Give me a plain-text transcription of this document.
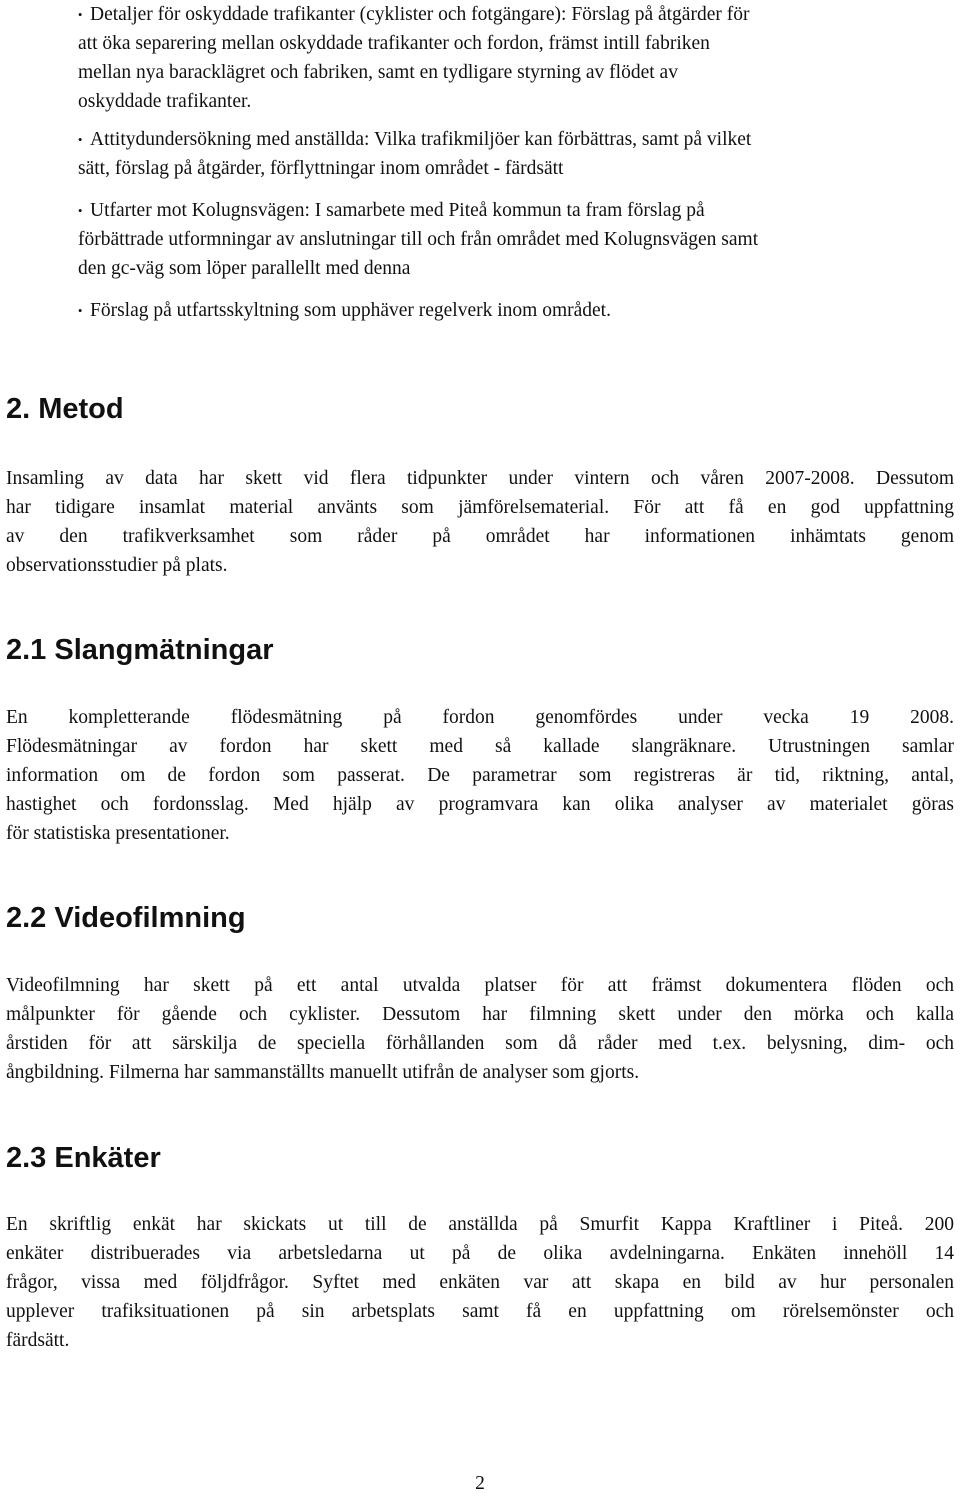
• Detaljer för oskyddade trafikanter (cyklister och fotgängare): Förslag på åtgärder för
att öka separering mellan oskyddade trafikanter och fordon, främst intill fabriken
mellan nya baracklägret och fabriken, samt en tydligare styrning av flödet av
oskyddade trafikanter.

• Attitydundersökning med anställda: Vilka trafikmiljöer kan förbättras, samt på vilket
sätt, förslag på åtgärder, förflyttningar inom området - färdsätt

• Utfarter mot Kolugnsvägen: I samarbete med Piteå kommun ta fram förslag på
förbättrade utformningar av anslutningar till och från området med Kolugnsvägen samt
den gc-väg som löper parallellt med denna

• Förslag på utfartsskyltning som upphäver regelverk inom området.

2. Metod

Insamling av data har skett vid flera tidpunkter under vintern och våren 2007-2008. Dessutom
har tidigare insamlat material använts som jämförelsematerial. För att få en god uppfattning
av den trafikverksamhet som råder på området har informationen inhämtats genom
observationsstudier på plats.

2.1 Slangmätningar

En kompletterande flödesmätning på fordon genomfördes under vecka 19 2008.
Flödesmätningar av fordon har skett med så kallade slangräknare. Utrustningen samlar
information om de fordon som passerat. De parametrar som registreras är tid, riktning, antal,
hastighet och fordonsslag. Med hjälp av programvara kan olika analyser av materialet göras
för statistiska presentationer.

2.2 Videofilmning

Videofilmning har skett på ett antal utvalda platser för att främst dokumentera flöden och
målpunkter för gående och cyklister. Dessutom har filmning skett under den mörka och kalla
årstiden för att särskilja de speciella förhållanden som då råder med t.ex. belysning, dim- och
ångbildning. Filmerna har sammanställts manuellt utifrån de analyser som gjorts.

2.3 Enkäter

En skriftlig enkät har skickats ut till de anställda på Smurfit Kappa Kraftliner i Piteå. 200
enkäter distribuerades via arbetsledarna ut på de olika avdelningarna. Enkäten innehöll 14
frågor, vissa med följdfrågor. Syftet med enkäten var att skapa en bild av hur personalen
upplever trafiksituationen på sin arbetsplats samt få en uppfattning om rörelsemönster och
färdsätt.

2
